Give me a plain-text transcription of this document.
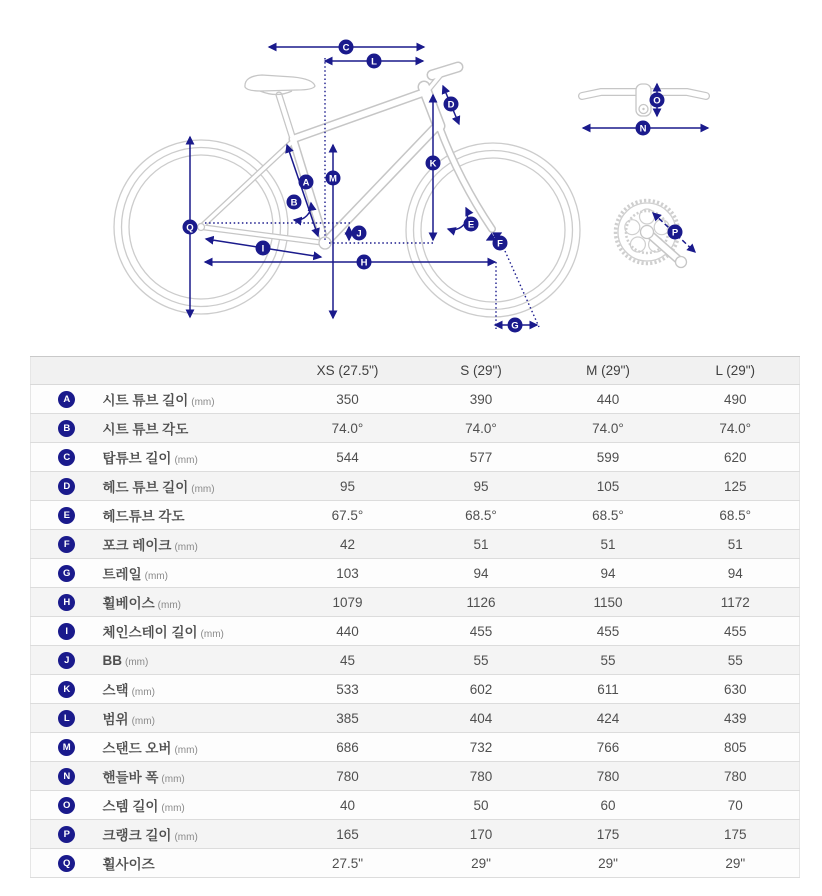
A
B
C
D
E
F
G
H
I
J
K
L
M
N
O
P
Q
		XS (27.5")	S (29")	M (29")	L (29")
A	시트 튜브 길이 (mm)	350	390	440	490
B	시트 튜브 각도	74.0°	74.0°	74.0°	74.0°
C	탑튜브 길이 (mm)	544	577	599	620
D	헤드 튜브 길이 (mm)	95	95	105	125
E	헤드튜브 각도	67.5°	68.5°	68.5°	68.5°
F	포크 레이크 (mm)	42	51	51	51
G	트레일 (mm)	103	94	94	94
H	휠베이스 (mm)	1079	1126	1150	1172
I	체인스테이 길이 (mm)	440	455	455	455
J	BB (mm)	45	55	55	55
K	스택 (mm)	533	602	611	630
L	범위 (mm)	385	404	424	439
M	스탠드 오버 (mm)	686	732	766	805
N	핸들바 폭 (mm)	780	780	780	780
O	스템 길이 (mm)	40	50	60	70
P	크랭크 길이 (mm)	165	170	175	175
Q	휠사이즈	27.5"	29"	29"	29"
